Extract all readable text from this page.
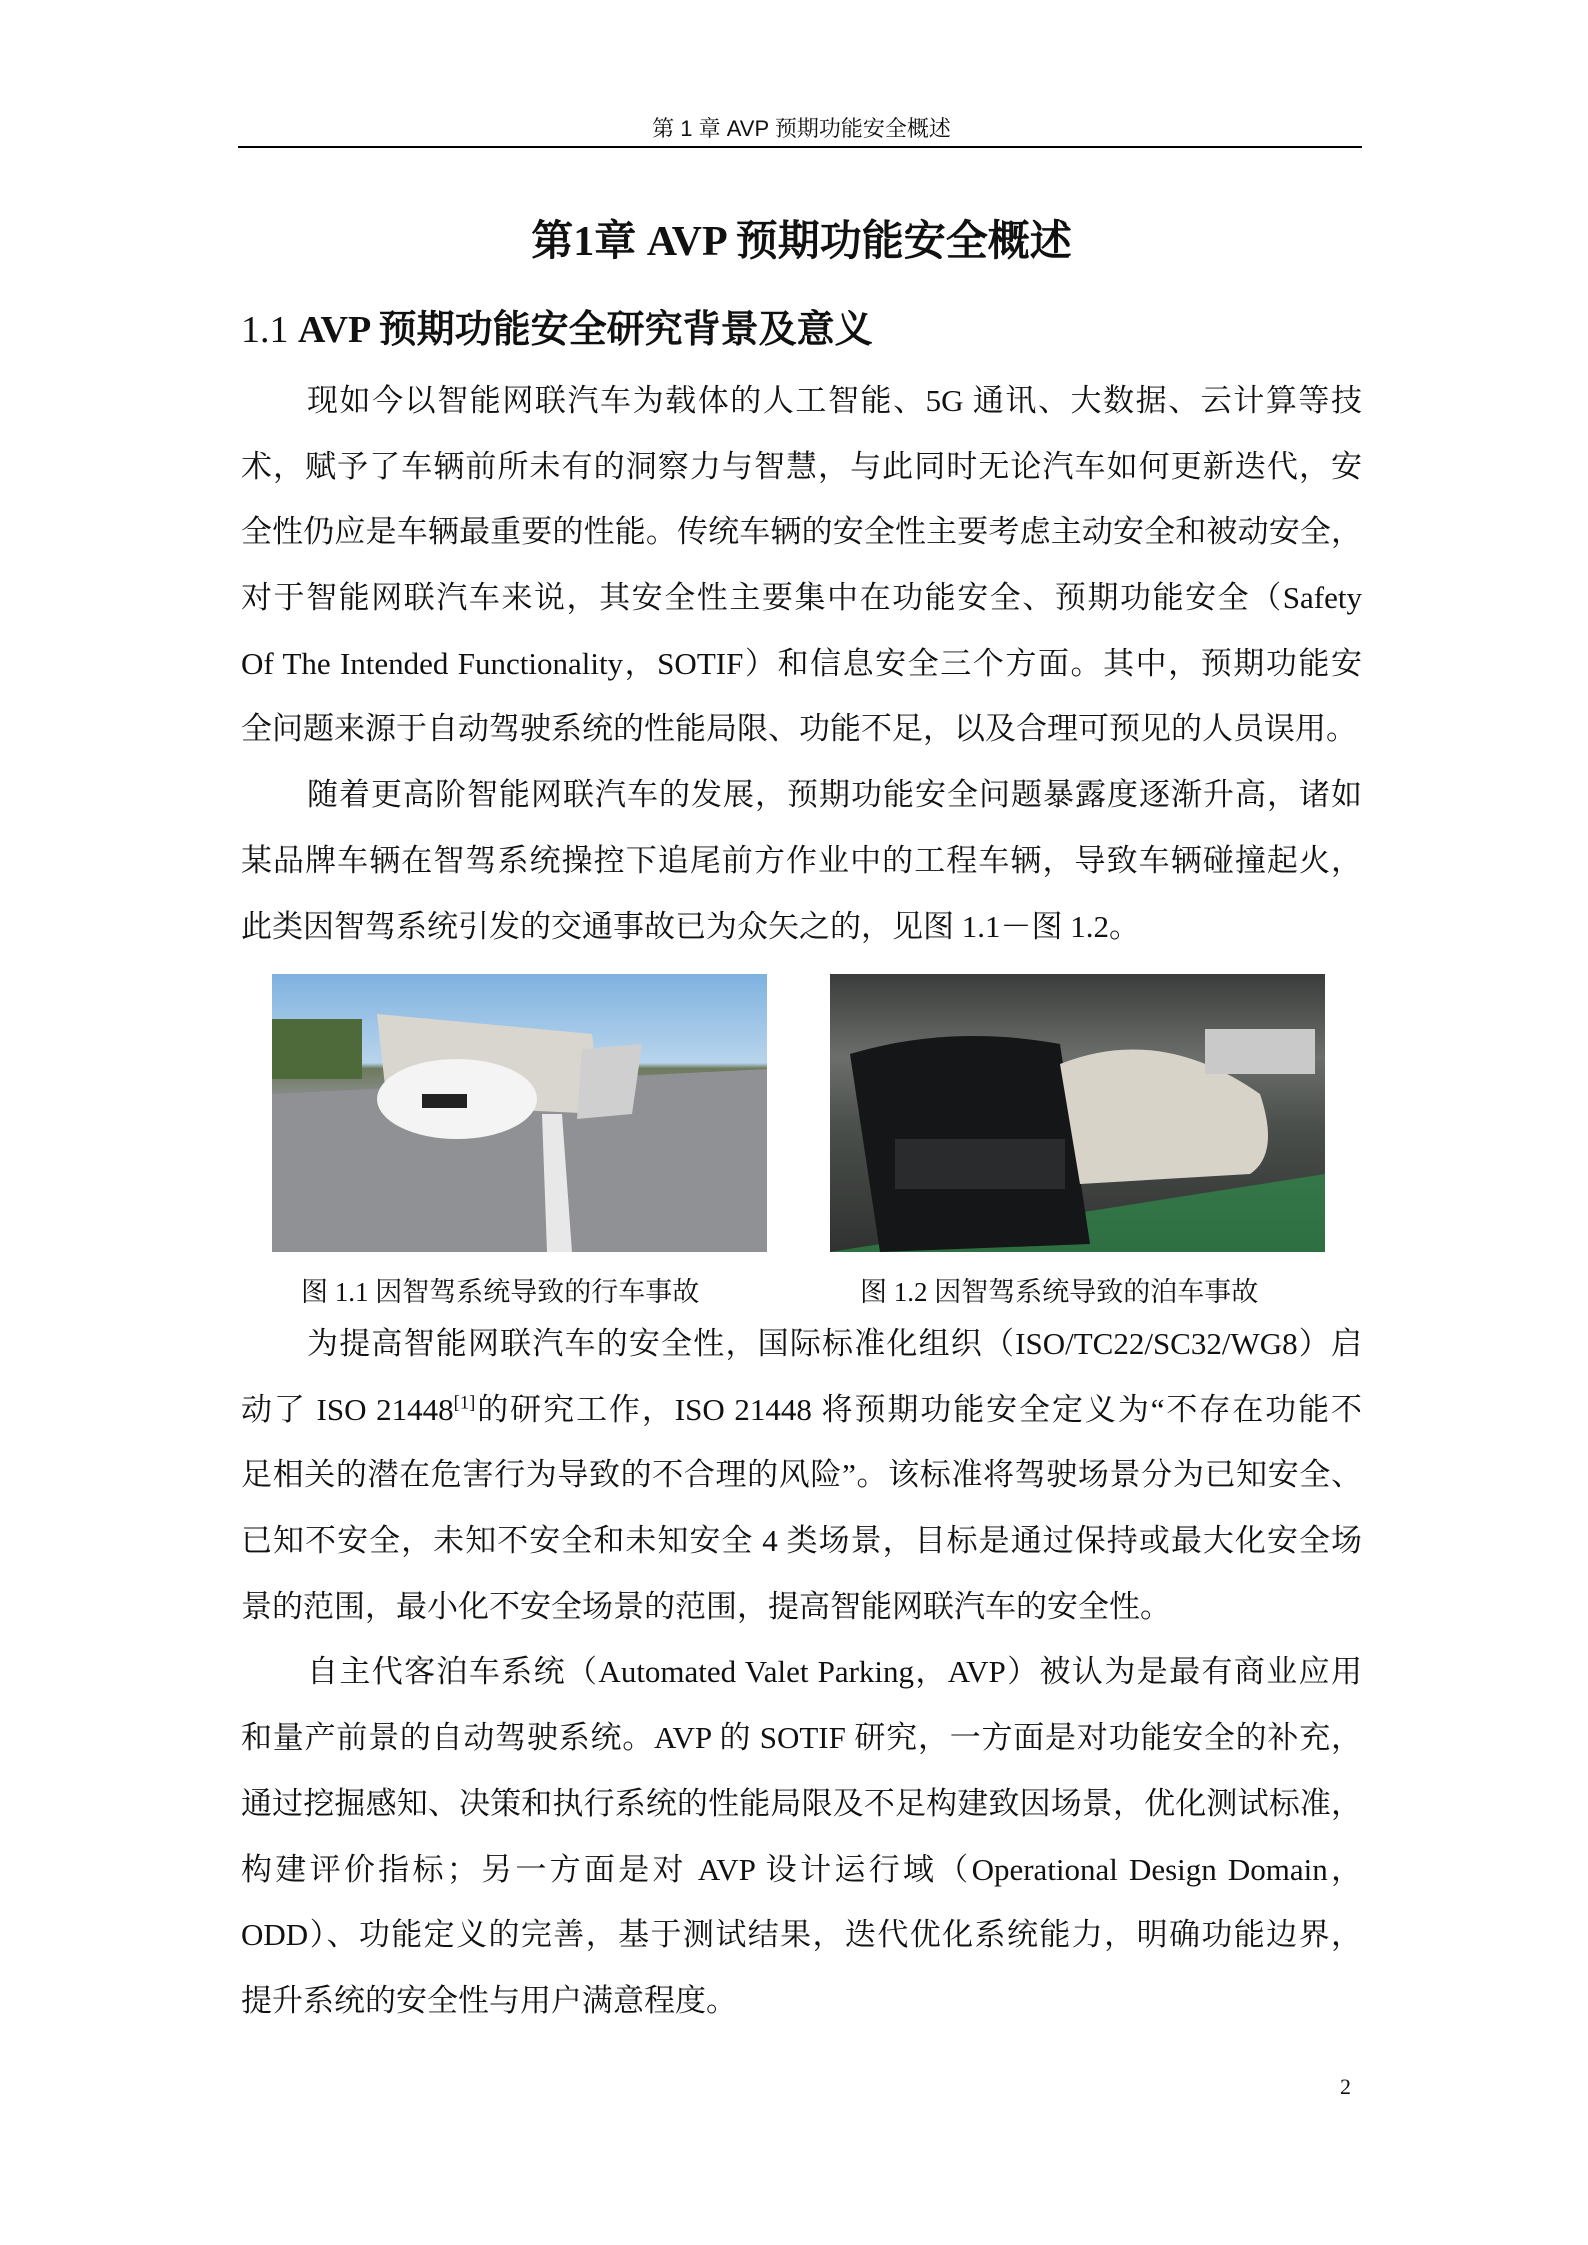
第 1 章 AVP 预期功能安全概述
第1章 AVP 预期功能安全概述
1.1 AVP 预期功能安全研究背景及意义
现如今以智能网联汽车为载体的人工智能、5G 通讯、大数据、云计算等技
术，赋予了车辆前所未有的洞察力与智慧，与此同时无论汽车如何更新迭代，安
全性仍应是车辆最重要的性能。传统车辆的安全性主要考虑主动安全和被动安全，
对于智能网联汽车来说，其安全性主要集中在功能安全、预期功能安全（Safety
Of The Intended Functionality，SOTIF）和信息安全三个方面。其中，预期功能安
全问题来源于自动驾驶系统的性能局限、功能不足，以及合理可预见的人员误用。
随着更高阶智能网联汽车的发展，预期功能安全问题暴露度逐渐升高，诸如
某品牌车辆在智驾系统操控下追尾前方作业中的工程车辆，导致车辆碰撞起火，
此类因智驾系统引发的交通事故已为众矢之的，见图 1.1－图 1.2。
图 1.1 因智驾系统导致的行车事故	图 1.2 因智驾系统导致的泊车事故
为提高智能网联汽车的安全性，国际标准化组织（ISO/TC22/SC32/WG8）启
动了 ISO 21448[1]的研究工作，ISO 21448 将预期功能安全定义为“不存在功能不
足相关的潜在危害行为导致的不合理的风险”。该标准将驾驶场景分为已知安全、
已知不安全，未知不安全和未知安全 4 类场景，目标是通过保持或最大化安全场
景的范围，最小化不安全场景的范围，提高智能网联汽车的安全性。
自主代客泊车系统（Automated Valet Parking，AVP）被认为是最有商业应用
和量产前景的自动驾驶系统。AVP 的 SOTIF 研究，一方面是对功能安全的补充，
通过挖掘感知、决策和执行系统的性能局限及不足构建致因场景，优化测试标准，
构建评价指标；另一方面是对 AVP 设计运行域（Operational Design Domain，
ODD）、功能定义的完善，基于测试结果，迭代优化系统能力，明确功能边界，
提升系统的安全性与用户满意程度。
2
